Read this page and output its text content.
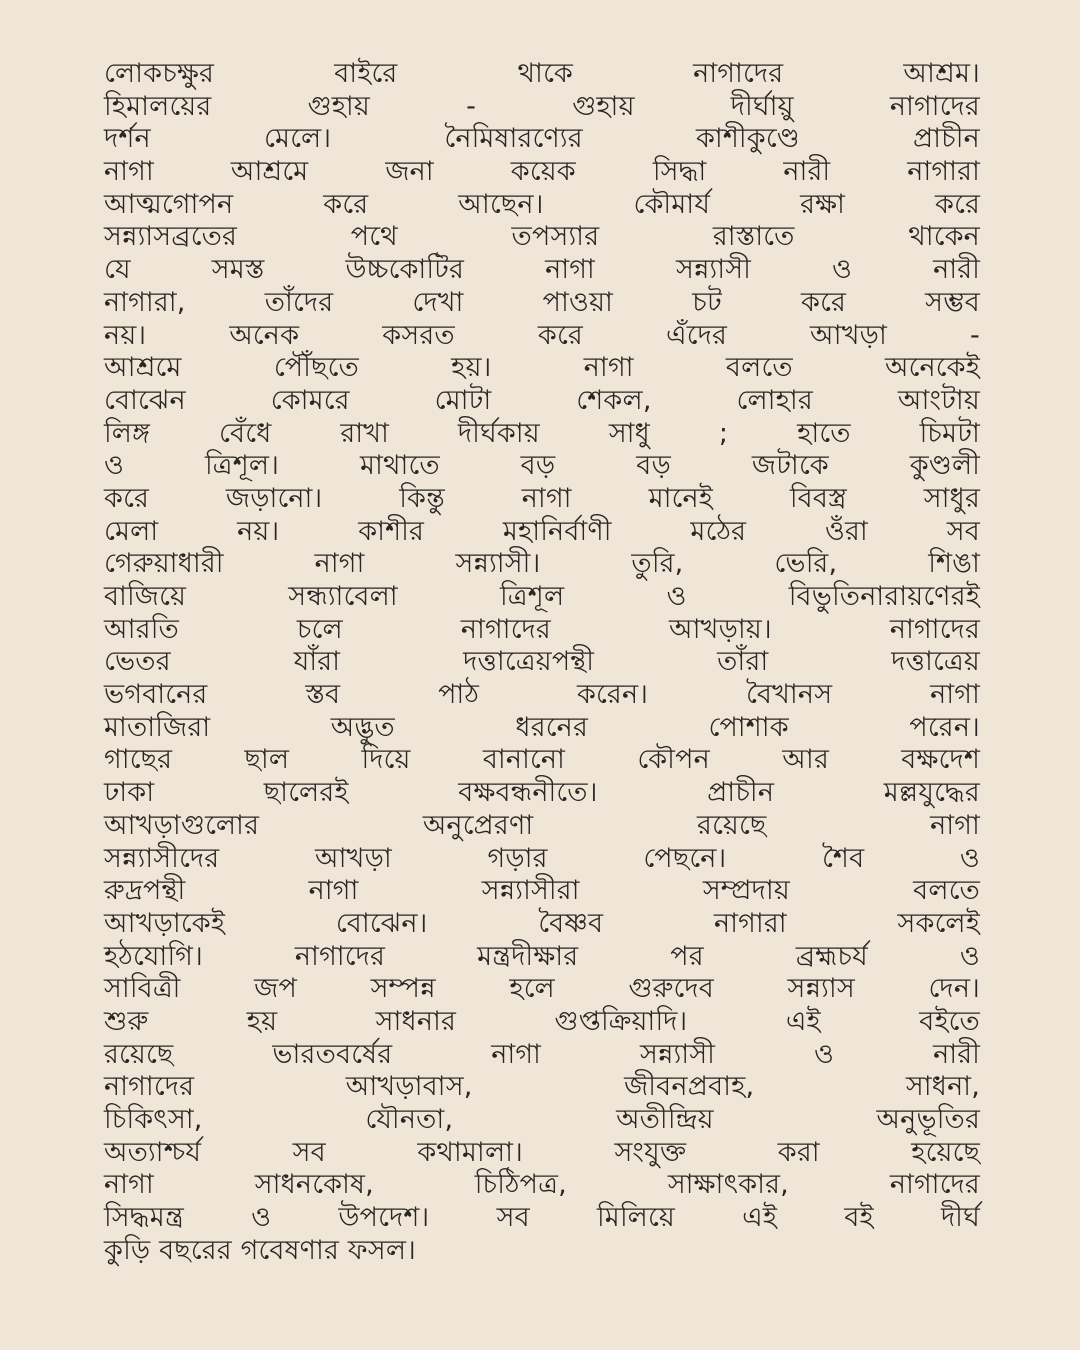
লোকচক্ষুর বাইরে থাকে নাগাদের আশ্রম।
হিমালয়ের গুহায় - গুহায় দীর্ঘায়ু নাগাদের
দর্শন মেলে। নৈমিষারণ্যের কাশীকুণ্ডে প্রাচীন
নাগা আশ্রমে জনা কয়েক সিদ্ধা নারী নাগারা
আত্মগোপন করে আছেন। কৌমার্য রক্ষা করে
সন্ন্যাসব্রতের পথে তপস্যার রাস্তাতে থাকেন
যে সমস্ত উচ্চকোটির নাগা সন্ন্যাসী ও নারী
নাগারা, তাঁদের দেখা পাওয়া চট করে সম্ভব
নয়। অনেক কসরত করে এঁদের আখড়া -
আশ্রমে পৌঁছতে হয়। নাগা বলতে অনেকেই
বোঝেন কোমরে মোটা শেকল, লোহার আংটায়
লিঙ্গ বেঁধে রাখা দীর্ঘকায় সাধু ; হাতে চিমটা
ও ত্রিশূল। মাথাতে বড় বড় জটাকে কুণ্ডলী
করে জড়ানো। কিন্তু নাগা মানেই বিবস্ত্র সাধুর
মেলা নয়। কাশীর মহানির্বাণী মঠের ওঁরা সব
গেরুয়াধারী নাগা সন্ন্যাসী। তুরি, ভেরি, শিঙা
বাজিয়ে সন্ধ্যাবেলা ত্রিশূল ও বিভুতিনারায়ণেরই
আরতি চলে নাগাদের আখড়ায়। নাগাদের
ভেতর যাঁরা দত্তাত্রেয়পন্থী তাঁরা দত্তাত্রেয়
ভগবানের স্তব পাঠ করেন। বৈখানস নাগা
মাতাজিরা অদ্ভুত ধরনের পোশাক পরেন।
গাছের ছাল দিয়ে বানানো কৌপন আর বক্ষদেশ
ঢাকা ছালেরই বক্ষবন্ধনীতে। প্রাচীন মল্লযুদ্ধের
আখড়াগুলোর অনুপ্রেরণা রয়েছে নাগা
সন্ন্যাসীদের আখড়া গড়ার পেছনে। শৈব ও
রুদ্রপন্থী নাগা সন্ন্যাসীরা সম্প্রদায় বলতে
আখড়াকেই বোঝেন। বৈষ্ণব নাগারা সকলেই
হঠযোগি। নাগাদের মন্ত্রদীক্ষার পর ব্রহ্মচর্য ও
সাবিত্রী জপ সম্পন্ন হলে গুরুদেব সন্ন্যাস দেন।
শুরু হয় সাধনার গুপ্তক্রিয়াদি। এই বইতে
রয়েছে ভারতবর্ষের নাগা সন্ন্যাসী ও নারী
নাগাদের আখড়াবাস, জীবনপ্রবাহ, সাধনা,
চিকিৎসা, যৌনতা, অতীন্দ্রিয় অনুভূতির
অত্যাশ্চর্য সব কথামালা। সংযুক্ত করা হয়েছে
নাগা সাধনকোষ, চিঠিপত্র, সাক্ষাৎকার, নাগাদের
সিদ্ধমন্ত্র ও উপদেশ। সব মিলিয়ে এই বই দীর্ঘ
কুড়ি বছরের গবেষণার ফসল।
